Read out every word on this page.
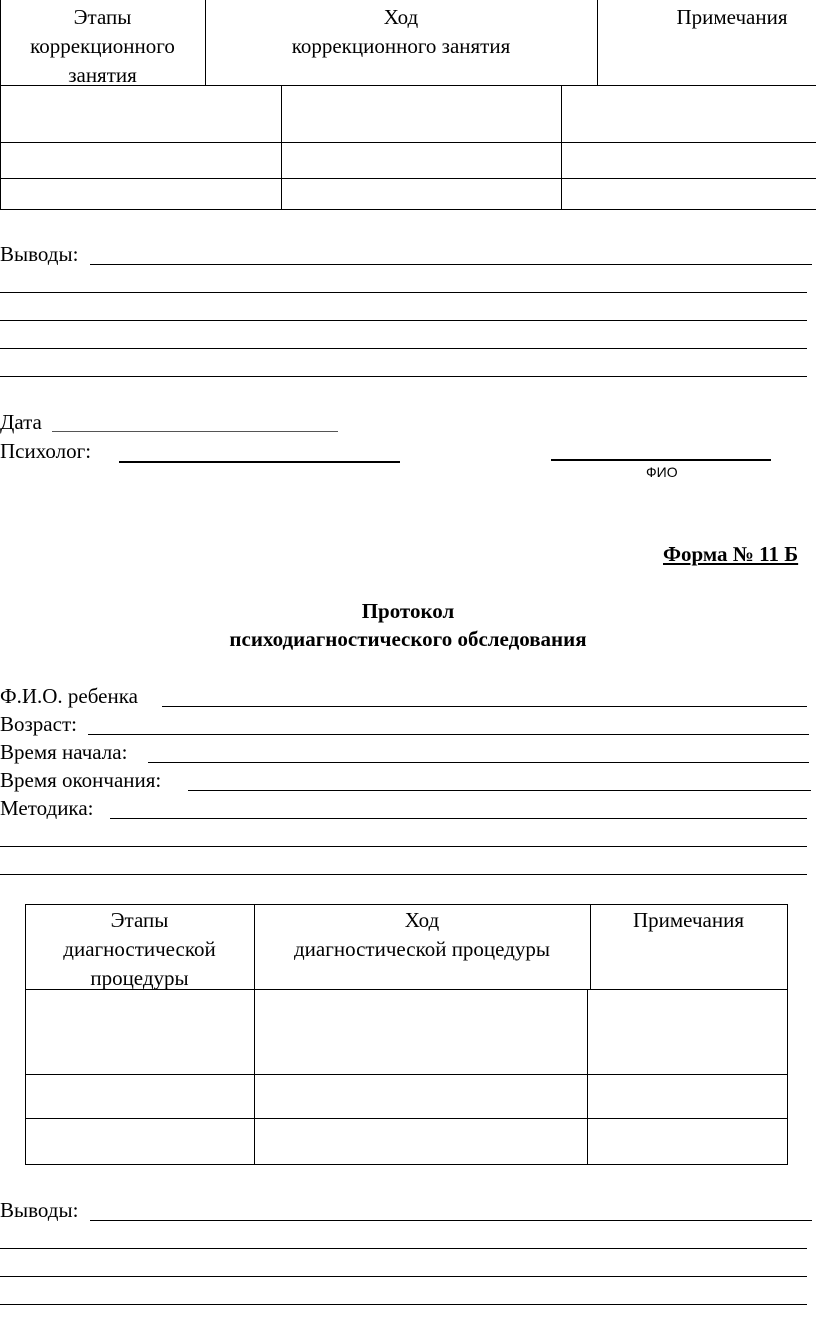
Этапы
коррекционного
занятия
Ход
коррекционного занятия
Примечания
Выводы:
Дата
Психолог:
ФИО
Форма № 11 Б
Протокол
психодиагностического обследования
Ф.И.О. ребенка
Возраст:
Время начала:
Время окончания:
Методика:
Этапы
диагностической
процедуры
Ход
диагностической процедуры
Примечания
Выводы:
